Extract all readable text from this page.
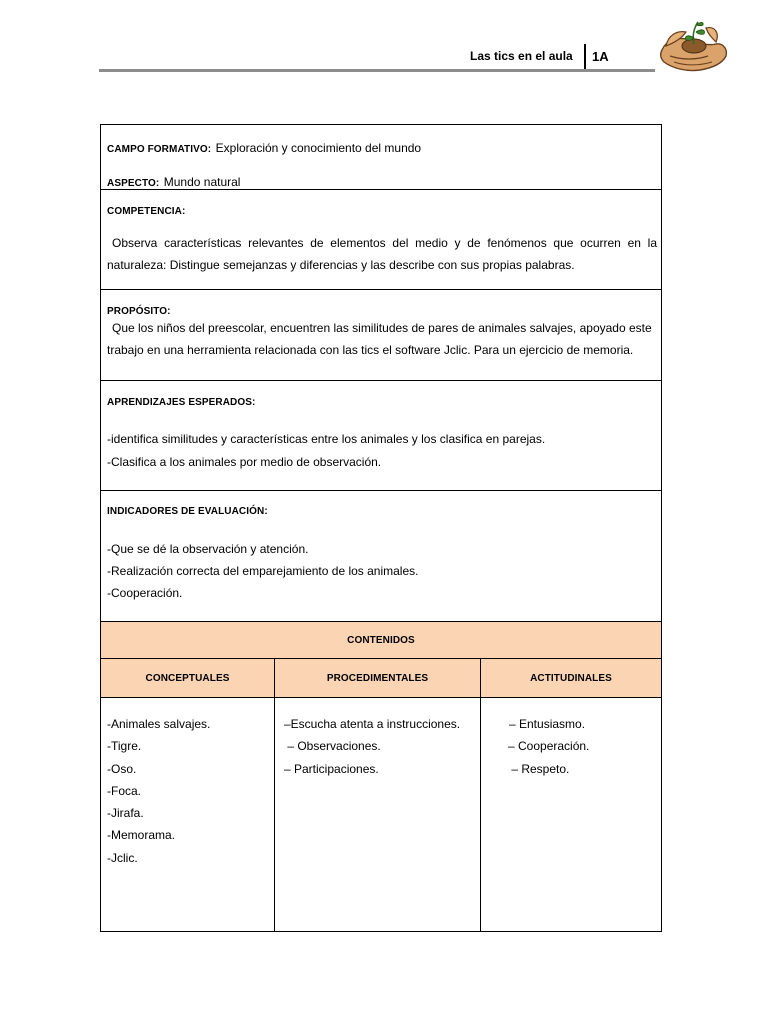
Las tics en el aula 1A
CAMPO FORMATIVO: Exploración y conocimiento del mundo
ASPECTO: Mundo natural
COMPETENCIA:
Observa características relevantes de elementos del medio y de fenómenos que ocurren en la naturaleza: Distingue semejanzas y diferencias y las describe con sus propias palabras.
PROPÓSITO:
Que los niños del preescolar, encuentren las similitudes de pares de animales salvajes, apoyado este trabajo en una herramienta relacionada con las tics el software Jclic. Para un ejercicio de memoria.
APRENDIZAJES ESPERADOS:
-identifica similitudes y características entre los animales y los clasifica en parejas.
-Clasifica a los animales por medio de observación.
INDICADORES DE EVALUACIÓN:
-Que se dé la observación y atención.
-Realización correcta del emparejamiento de los animales.
-Cooperación.
CONTENIDOS
CONCEPTUALES	PROCEDIMENTALES	ACTITUDINALES
-Animales salvajes.
-Tigre.
-Oso.
-Foca.
-Jirafa.
-Memorama.
-Jclic.
–Escucha atenta a instrucciones.
– Observaciones.
– Participaciones.
– Entusiasmo.
– Cooperación.
– Respeto.
